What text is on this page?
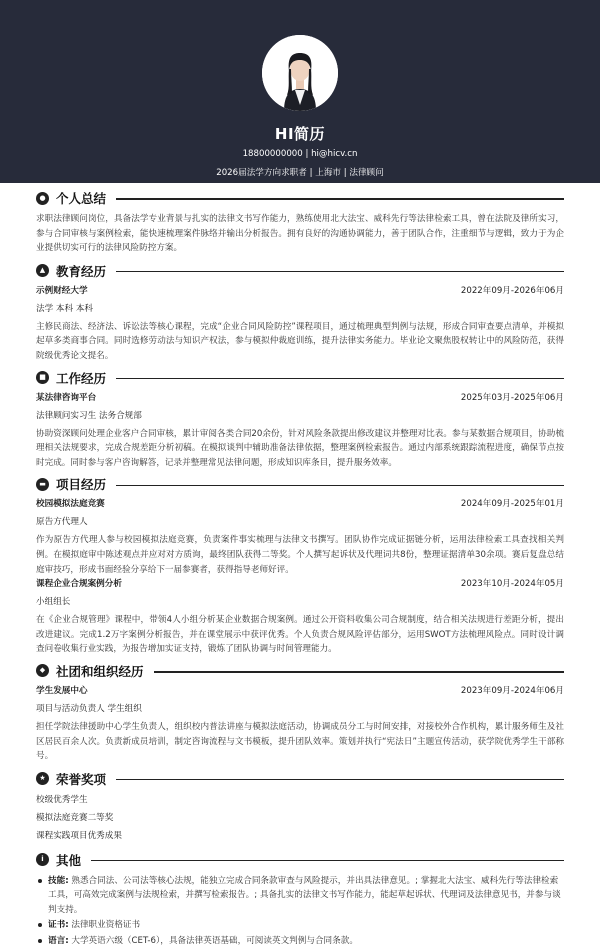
HI简历
18800000000 | hi@hicv.cn
2026届法学方向求职者 | 上海市 | 法律顾问
● 个人总结
求职法律顾问岗位，具备法学专业背景与扎实的法律文书写作能力，熟练使用北大法宝、威科先行等法律检索工具，曾在法院及律所实习，参与合同审核与案例检索，能快速梳理案件脉络并输出分析报告。拥有良好的沟通协调能力，善于团队合作，注重细节与逻辑，致力于为企业提供切实可行的法律风险防控方案。
▲ 教育经历
示例财经大学	2022年09月-2026年06月
法学 本科 本科
主修民商法、经济法、诉讼法等核心课程，完成“企业合同风险防控”课程项目，通过梳理典型判例与法规，形成合同审查要点清单，并模拟起草多类商事合同。同时选修劳动法与知识产权法，参与模拟仲裁庭训练，提升法律实务能力。毕业论文聚焦股权转让中的风险防范，获得院级优秀论文提名。
■ 工作经历
某法律咨询平台	2025年03月-2025年06月
法律顾问实习生 法务合规部
协助资深顾问处理企业客户合同审核，累计审阅各类合同20余份，针对风险条款提出修改建议并整理对比表。参与某数据合规项目，协助梳理相关法规要求，完成合规差距分析初稿。在模拟谈判中辅助准备法律依据，整理案例检索报告。通过内部系统跟踪流程进度，确保节点按时完成。同时参与客户咨询解答，记录并整理常见法律问题，形成知识库条目，提升服务效率。
▬ 项目经历
校园模拟法庭竞赛	2024年09月-2025年01月
原告方代理人
作为原告方代理人参与校园模拟法庭竞赛，负责案件事实梳理与法律文书撰写。团队协作完成证据链分析，运用法律检索工具查找相关判例。在模拟庭审中陈述观点并应对对方质询，最终团队获得二等奖。个人撰写起诉状及代理词共8份，整理证据清单30余项。赛后复盘总结庭审技巧，形成书面经验分享给下一届参赛者，获得指导老师好评。
课程企业合规案例分析	2023年10月-2024年05月
小组组长
在《企业合规管理》课程中，带领4人小组分析某企业数据合规案例。通过公开资料收集公司合规制度，结合相关法规进行差距分析，提出改进建议。完成1.2万字案例分析报告，并在课堂展示中获评优秀。个人负责合规风险评估部分，运用SWOT方法梳理风险点。同时设计调查问卷收集行业实践，为报告增加实证支持，锻炼了团队协调与时间管理能力。
◆ 社团和组织经历
学生发展中心	2023年09月-2024年06月
项目与活动负责人 学生组织
担任学院法律援助中心学生负责人，组织校内普法讲座与模拟法庭活动，协调成员分工与时间安排，对接校外合作机构，累计服务师生及社区居民百余人次。负责新成员培训，制定咨询流程与文书模板，提升团队效率。策划并执行“宪法日”主题宣传活动，获学院优秀学生干部称号。
★ 荣誉奖项
校级优秀学生
模拟法庭竞赛二等奖
课程实践项目优秀成果
i 其他
技能: 熟悉合同法、公司法等核心法规，能独立完成合同条款审查与风险提示，并出具法律意见。; 掌握北大法宝、威科先行等法律检索工具，可高效完成案例与法规检索，并撰写检索报告。; 具备扎实的法律文书写作能力，能起草起诉状、代理词及法律意见书，并参与谈判支持。
证书: 法律职业资格证书
语言: 大学英语六级（CET-6），具备法律英语基础，可阅读英文判例与合同条款。
